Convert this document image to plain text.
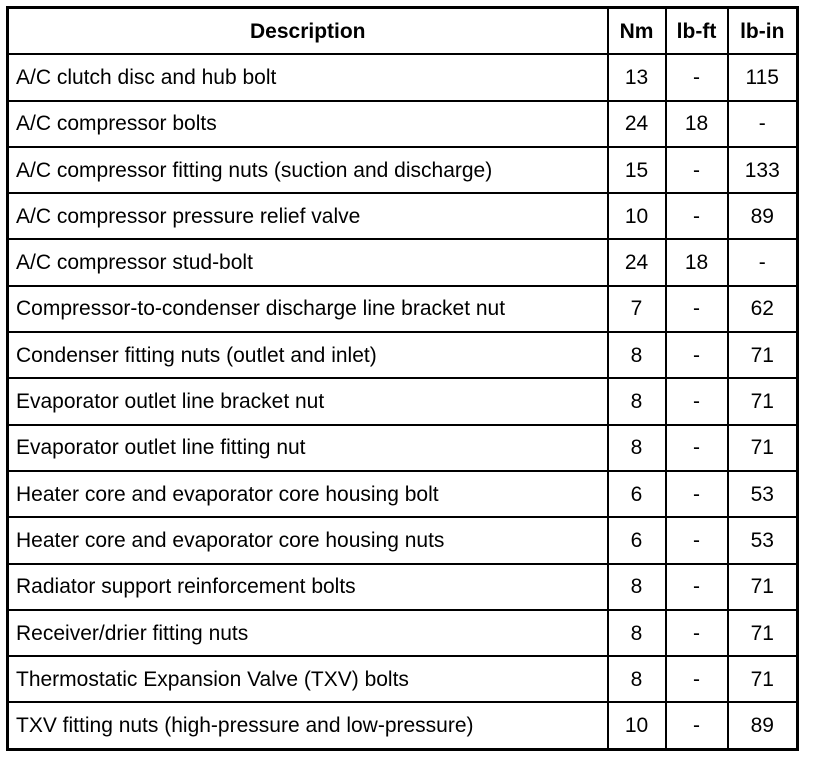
Description	Nm	lb-ft	lb-in
A/C clutch disc and hub bolt	13	-	115
A/C compressor bolts	24	18	-
A/C compressor fitting nuts (suction and discharge)	15	-	133
A/C compressor pressure relief valve	10	-	89
A/C compressor stud-bolt	24	18	-
Compressor-to-condenser discharge line bracket nut	7	-	62
Condenser fitting nuts (outlet and inlet)	8	-	71
Evaporator outlet line bracket nut	8	-	71
Evaporator outlet line fitting nut	8	-	71
Heater core and evaporator core housing bolt	6	-	53
Heater core and evaporator core housing nuts	6	-	53
Radiator support reinforcement bolts	8	-	71
Receiver/drier fitting nuts	8	-	71
Thermostatic Expansion Valve (TXV) bolts	8	-	71
TXV fitting nuts (high-pressure and low-pressure)	10	-	89
